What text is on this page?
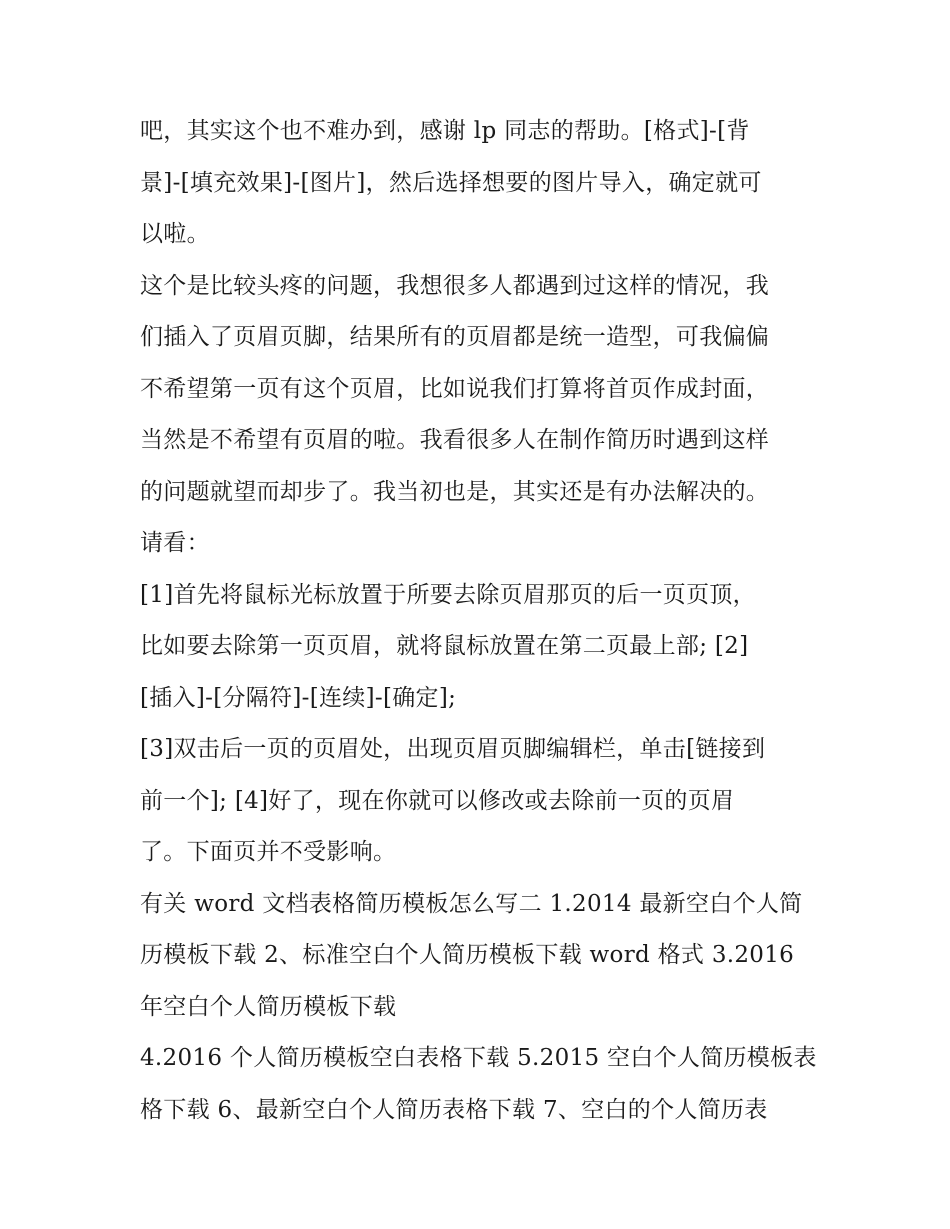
吧，其实这个也不难办到，感谢 lp 同志的帮助。[格式]-[背
景]-[填充效果]-[图片]，然后选择想要的图片导入，确定就可
以啦。

这个是比较头疼的问题，我想很多人都遇到过这样的情况，我
们插入了页眉页脚，结果所有的页眉都是统一造型，可我偏偏
不希望第一页有这个页眉，比如说我们打算将首页作成封面，
当然是不希望有页眉的啦。我看很多人在制作简历时遇到这样
的问题就望而却步了。我当初也是，其实还是有办法解决的。
请看：

[1]首先将鼠标光标放置于所要去除页眉那页的后一页页顶，
比如要去除第一页页眉，就将鼠标放置在第二页最上部; [2]
[插入]-[分隔符]-[连续]-[确定];

[3]双击后一页的页眉处，出现页眉页脚编辑栏，单击[链接到
前一个]; [4]好了，现在你就可以修改或去除前一页的页眉
了。下面页并不受影响。

有关 word 文档表格简历模板怎么写二 1.2014 最新空白个人简
历模板下载 2、标准空白个人简历模板下载 word 格式 3.2016
年空白个人简历模板下载

4.2016 个人简历模板空白表格下载 5.2015 空白个人简历模板表
格下载 6、最新空白个人简历表格下载 7、空白的个人简历表
